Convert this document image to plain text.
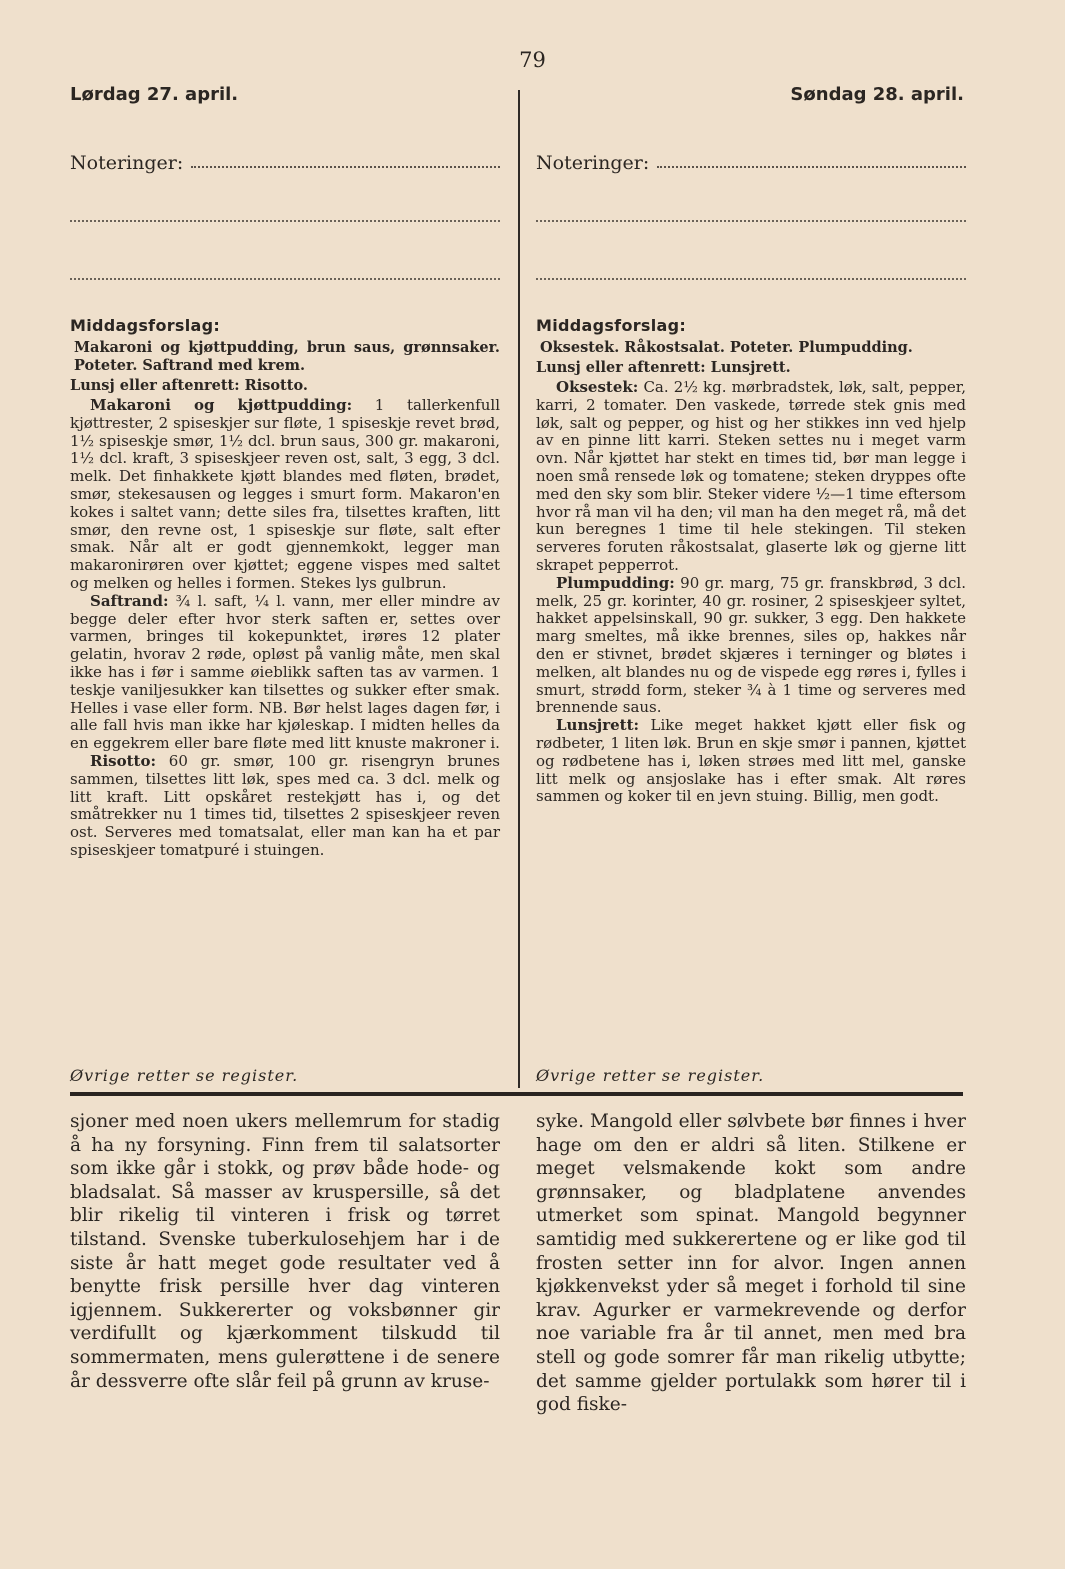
79
Lørdag 27. april.
Noteringer:
Middagsforslag:
Makaroni og kjøttpudding, brun saus, grønnsaker. Poteter. Saftrand med krem.
Lunsj eller aftenrett: Risotto.

Makaroni og kjøttpudding: 1 tallerkenfull kjøttrester, 2 spiseskjer sur fløte, 1 spiseskje revet brød, 1½ spiseskje smør, 1½ dcl. brun saus, 300 gr. makaroni, 1½ dcl. kraft, 3 spiseskjeer reven ost, salt, 3 egg, 3 dcl. melk. Det finhakkete kjøtt blandes med fløten, brødet, smør, stekesausen og legges i smurt form. Makaron'en kokes i saltet vann; dette siles fra, tilsettes kraften, litt smør, den revne ost, 1 spiseskje sur fløte, salt efter smak. Når alt er godt gjennemkokt, legger man makaronirøren over kjøttet; eggene vispes med saltet og melken og helles i formen. Stekes lys gulbrun.

Saftrand: ¾ l. saft, ¼ l. vann, mer eller mindre av begge deler efter hvor sterk saften er, settes over varmen, bringes til kokepunktet, irøres 12 plater gelatin, hvorav 2 røde, opløst på vanlig måte, men skal ikke has i før i samme øieblikk saften tas av varmen. 1 teskje vaniljesukker kan tilsettes og sukker efter smak. Helles i vase eller form. NB. Bør helst lages dagen før, i alle fall hvis man ikke har kjøleskap. I midten helles da en eggekrem eller bare fløte med litt knuste makroner i.

Risotto: 60 gr. smør, 100 gr. risengryn brunes sammen, tilsettes litt løk, spes med ca. 3 dcl. melk og litt kraft. Litt opskåret restekjøtt has i, og det småtrekker nu 1 times tid, tilsettes 2 spiseskjeer reven ost. Serveres med tomatsalat, eller man kan ha et par spiseskjeer tomatpuré i stuingen.

Søndag 28. april.
Noteringer:
Middagsforslag:
Oksestek. Råkostsalat. Poteter. Plumpudding.
Lunsj eller aftenrett: Lunsjrett.

Oksestek: Ca. 2½ kg. mørbradstek, løk, salt, pepper, karri, 2 tomater. Den vaskede, tørrede stek gnis med løk, salt og pepper, og hist og her stikkes inn ved hjelp av en pinne litt karri. Steken settes nu i meget varm ovn. Når kjøttet har stekt en times tid, bør man legge i noen små rensede løk og tomatene; steken dryppes ofte med den sky som blir. Steker videre ½—1 time eftersom hvor rå man vil ha den; vil man ha den meget rå, må det kun beregnes 1 time til hele stekingen. Til steken serveres foruten råkostsalat, glaserte løk og gjerne litt skrapet pepperrot.

Plumpudding: 90 gr. marg, 75 gr. franskbrød, 3 dcl. melk, 25 gr. korinter, 40 gr. rosiner, 2 spiseskjeer syltet, hakket appelsinskall, 90 gr. sukker, 3 egg. Den hakkete marg smeltes, må ikke brennes, siles op, hakkes når den er stivnet, brødet skjæres i terninger og bløtes i melken, alt blandes nu og de vispede egg røres i, fylles i smurt, strødd form, steker ¾ à 1 time og serveres med brennende saus.

Lunsjrett: Like meget hakket kjøtt eller fisk og rødbeter, 1 liten løk. Brun en skje smør i pannen, kjøttet og rødbetene has i, løken strøes med litt mel, ganske litt melk og ansjoslake has i efter smak. Alt røres sammen og koker til en jevn stuing. Billig, men godt.

Øvrige retter se register.	Øvrige retter se register.
sjoner med noen ukers mellemrum for stadig å ha ny forsyning. Finn frem til salatsorter som ikke går i stokk, og prøv både hode- og bladsalat. Så masser av kruspersille, så det blir rikelig til vinteren i frisk og tørret tilstand. Svenske tuberkulosehjem har i de siste år hatt meget gode resultater ved å benytte frisk persille hver dag vinteren igjennem. Sukkererter og voksbønner gir verdifullt og kjærkomment tilskudd til sommermaten, mens gulerøttene i de senere år dessverre ofte slår feil på grunn av kruse-
syke. Mangold eller sølvbete bør finnes i hver hage om den er aldri så liten. Stilkene er meget velsmakende kokt som andre grønnsaker, og bladplatene anvendes utmerket som spinat. Mangold begynner samtidig med sukkerertene og er like god til frosten setter inn for alvor. Ingen annen kjøkkenvekst yder så meget i forhold til sine krav. Agurker er varmekrevende og derfor noe variable fra år til annet, men med bra stell og gode somrer får man rikelig utbytte; det samme gjelder portulakk som hører til i god fiske-
